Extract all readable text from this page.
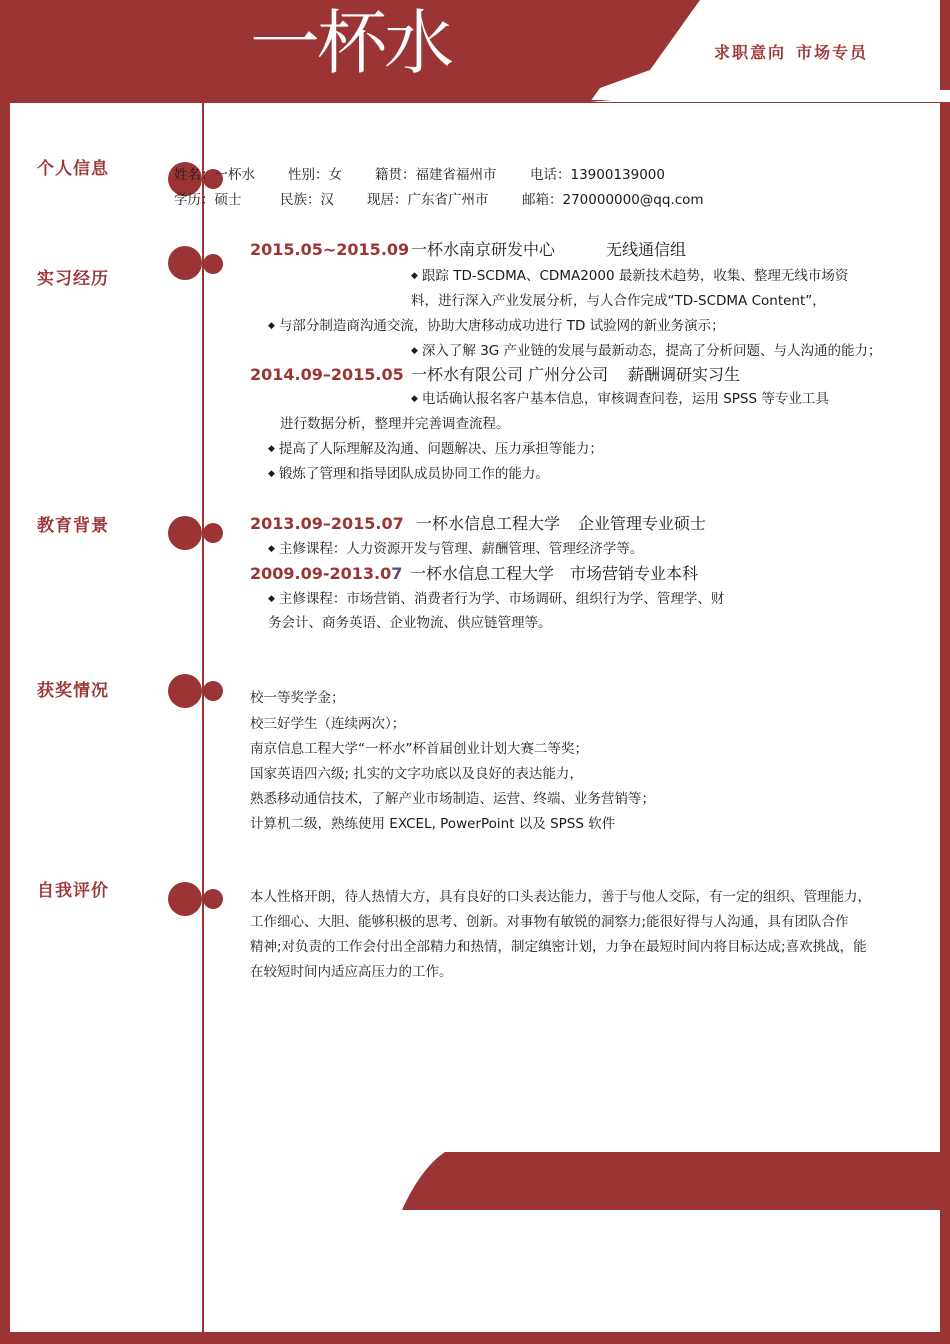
一杯水	求职意向 市场专员
个人信息
实习经历
教育背景
获奖情况
自我评价
姓名：一杯水 性别：女 籍贯：福建省福州市 电话：13900139000
学历：硕士	民族：汉 现居：广东省广州市 邮箱：270000000@qq.com
2015.05~2015.09 一杯水南京研发中心	无线通信组
◆ 跟踪 TD-SCDMA、CDMA2000 最新技术趋势，收集、整理无线市场资
料，进行深入产业发展分析，与人合作完成“TD-SCDMA Content”，
◆ 与部分制造商沟通交流，协助大唐移动成功进行 TD 试验网的新业务演示；
◆ 深入了解 3G 产业链的发展与最新动态，提高了分析问题、与人沟通的能力；
2014.09–2015.05 一杯水有限公司 广州分公司 薪酬调研实习生
◆ 电话确认报名客户基本信息，审核调查问卷，运用 SPSS 等专业工具
进行数据分析，整理并完善调查流程。
◆ 提高了人际理解及沟通、问题解决、压力承担等能力；
◆ 锻炼了管理和指导团队成员协同工作的能力。
2013.09–2015.07 一杯水信息工程大学 企业管理专业硕士
◆ 主修课程：人力资源开发与管理、薪酬管理、管理经济学等。
2009.09-2013.07 一杯水信息工程大学 市场营销专业本科
◆ 主修课程：市场营销、消费者行为学、市场调研、组织行为学、管理学、财
务会计、商务英语、企业物流、供应链管理等。
校一等奖学金；
校三好学生（连续两次）；
南京信息工程大学“一杯水”杯首届创业计划大赛二等奖；
国家英语四六级; 扎实的文字功底以及良好的表达能力，
熟悉移动通信技术，了解产业市场制造、运营、终端、业务营销等；
计算机二级，熟练使用 EXCEL, PowerPoint 以及 SPSS 软件
本人性格开朗，待人热情大方，具有良好的口头表达能力，善于与他人交际，有一定的组织、管理能力，
工作细心、大胆、能够积极的思考、创新。对事物有敏锐的洞察力;能很好得与人沟通，具有团队合作
精神;对负责的工作会付出全部精力和热情，制定缜密计划，力争在最短时间内将目标达成;喜欢挑战，能
在较短时间内适应高压力的工作。
